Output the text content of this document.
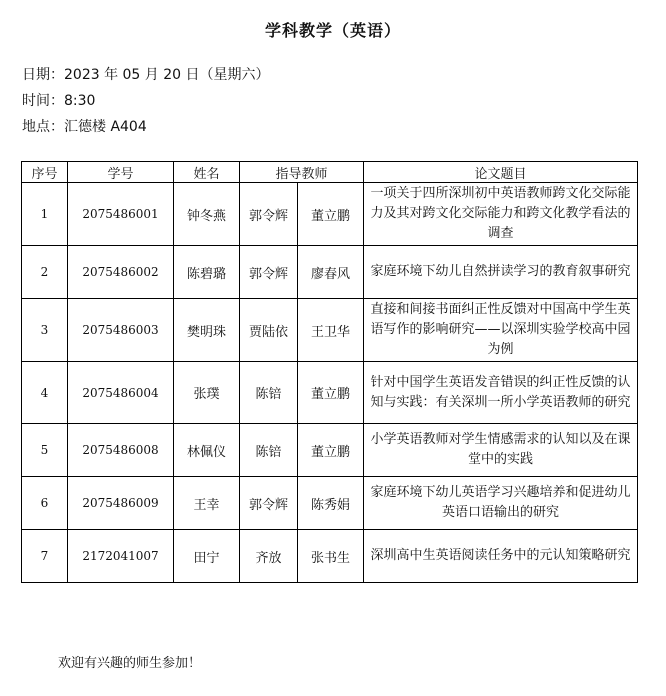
学科教学（英语）
日期：2023 年 05 月 20 日（星期六）
时间：8:30
地点：汇德楼 A404
序号	学号	姓名	指导教师		论文题目
1	2075486001	钟冬燕	郭令辉	董立鹏	一项关于四所深圳初中英语教师跨文化交际能力及其对跨文化交际能力和跨文化教学看法的调查
2	2075486002	陈碧璐	郭令辉	廖春风	家庭环境下幼儿自然拼读学习的教育叙事研究
3	2075486003	樊明珠	贾陆依	王卫华	直接和间接书面纠正性反馈对中国高中学生英语写作的影响研究——以深圳实验学校高中园为例
4	2075486004	张璞	陈锫	董立鹏	针对中国学生英语发音错误的纠正性反馈的认知与实践：有关深圳一所小学英语教师的研究
5	2075486008	林佩仪	陈锫	董立鹏	小学英语教师对学生情感需求的认知以及在课堂中的实践
6	2075486009	王幸	郭令辉	陈秀娟	家庭环境下幼儿英语学习兴趣培养和促进幼儿英语口语输出的研究
7	2172041007	田宁	齐放	张书生	深圳高中生英语阅读任务中的元认知策略研究
欢迎有兴趣的师生参加！
